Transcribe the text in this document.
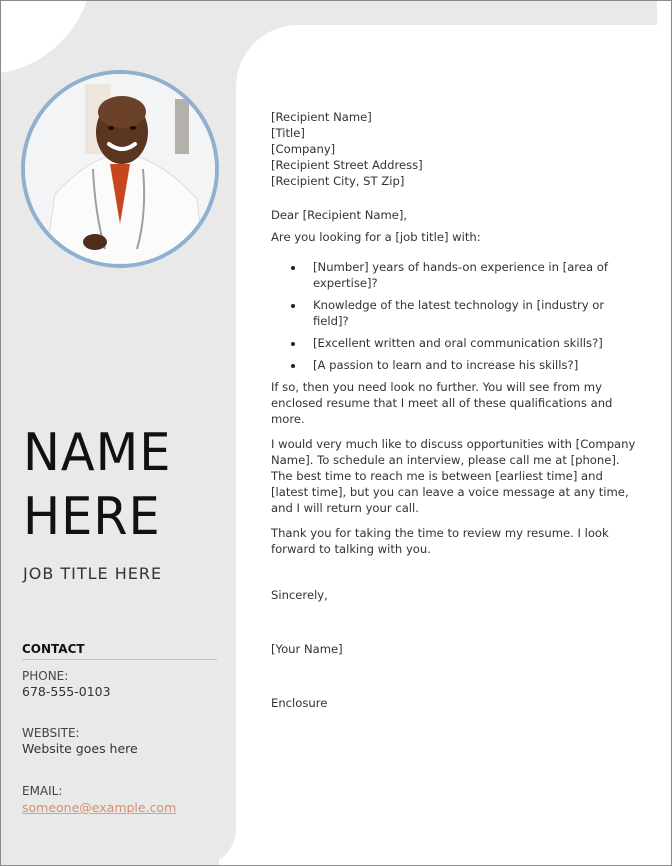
NAME
HERE
JOB TITLE HERE
CONTACT
PHONE:
678-555-0103
WEBSITE:
Website goes here
EMAIL:
someone@example.com

[Recipient Name]
[Title]
[Company]
[Recipient Street Address]
[Recipient City, ST Zip]

Dear [Recipient Name],

Are you looking for a [job title] with:

[Number] years of hands-on experience in [area of expertise]?
Knowledge of the latest technology in [industry or field]?
[Excellent written and oral communication skills?]
[A passion to learn and to increase his skills?]

If so, then you need look no further. You will see from my enclosed resume that I meet all of these qualifications and more.

I would very much like to discuss opportunities with [Company Name]. To schedule an interview, please call me at [phone]. The best time to reach me is between [earliest time] and [latest time], but you can leave a voice message at any time, and I will return your call.

Thank you for taking the time to review my resume. I look forward to talking with you.

Sincerely,

[Your Name]

Enclosure
